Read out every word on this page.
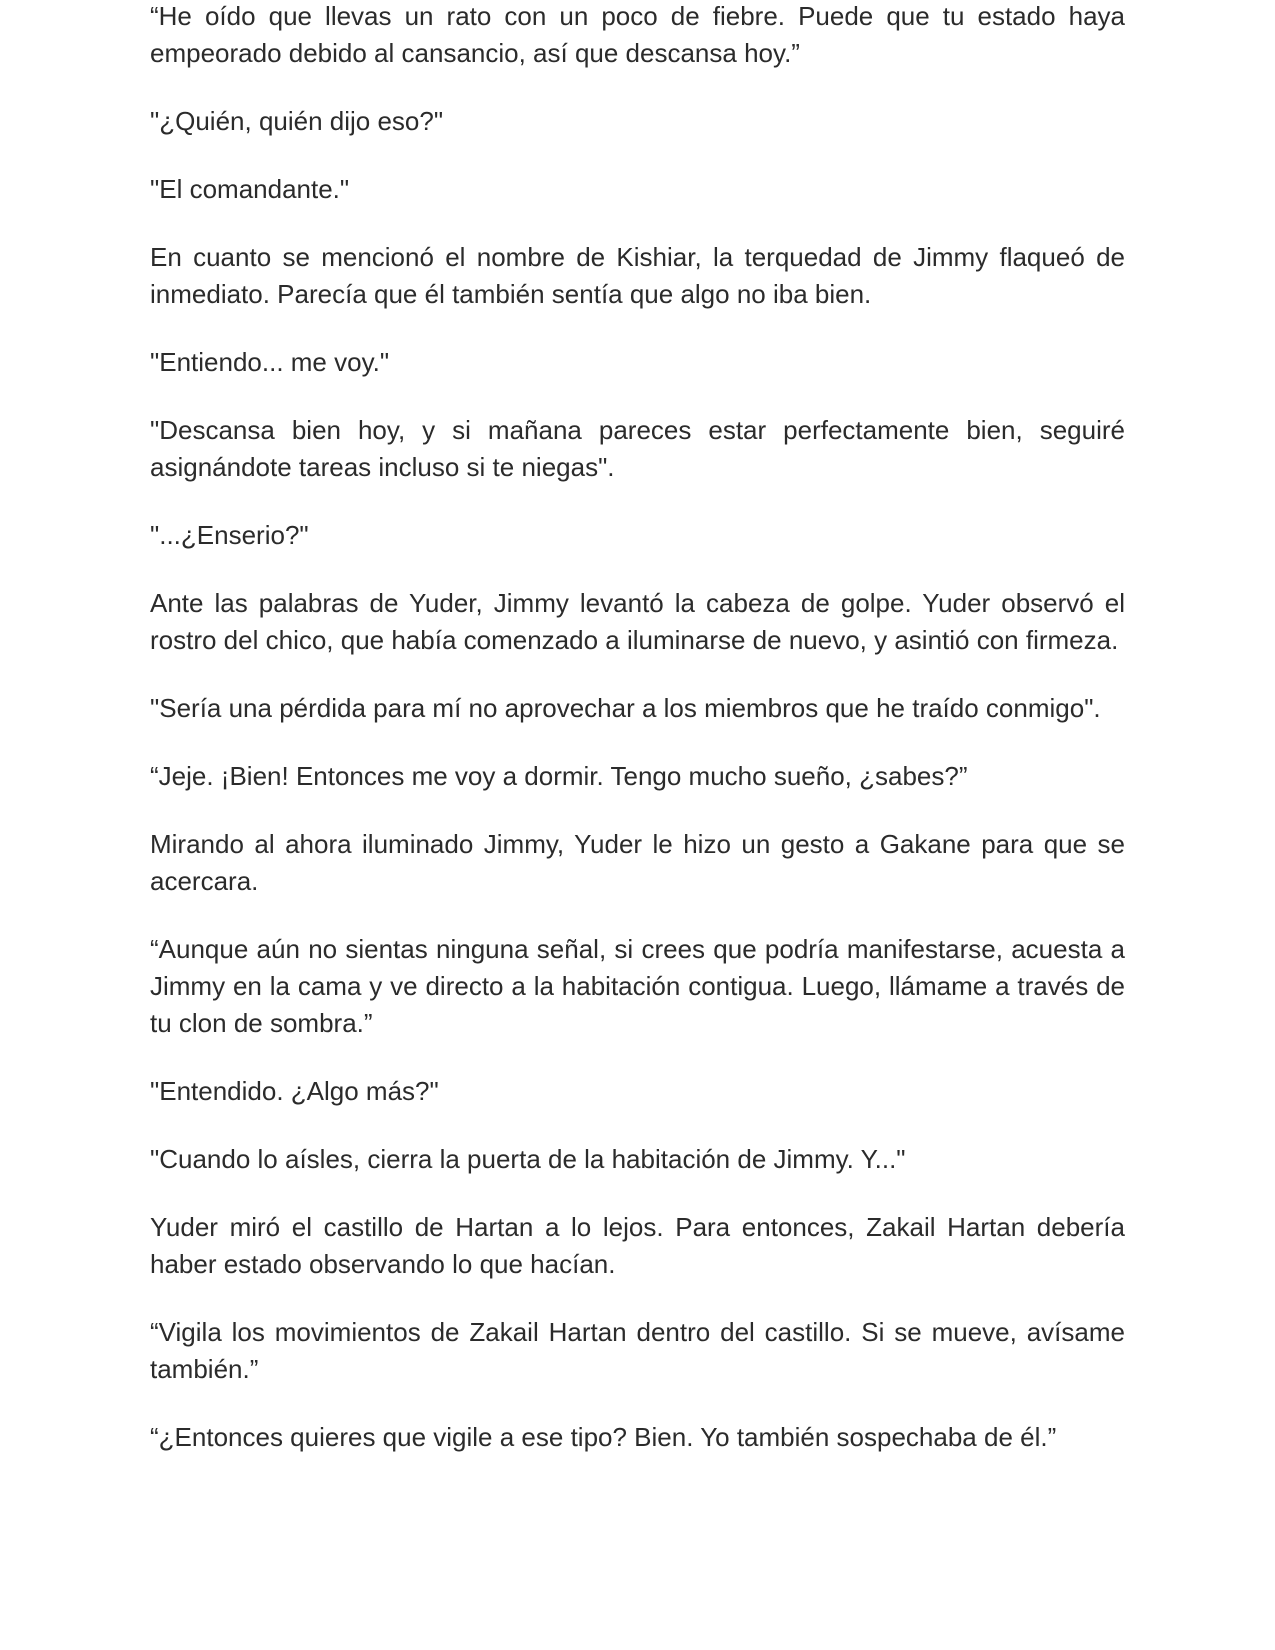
“He oído que llevas un rato con un poco de fiebre. Puede que tu estado haya empeorado debido al cansancio, así que descansa hoy.”

"¿Quién, quién dijo eso?"

"El comandante."

En cuanto se mencionó el nombre de Kishiar, la terquedad de Jimmy flaqueó de inmediato. Parecía que él también sentía que algo no iba bien.

"Entiendo... me voy."

"Descansa bien hoy, y si mañana pareces estar perfectamente bien, seguiré asignándote tareas incluso si te niegas".

"...¿Enserio?"

Ante las palabras de Yuder, Jimmy levantó la cabeza de golpe. Yuder observó el rostro del chico, que había comenzado a iluminarse de nuevo, y asintió con firmeza.

"Sería una pérdida para mí no aprovechar a los miembros que he traído conmigo".

“Jeje. ¡Bien! Entonces me voy a dormir. Tengo mucho sueño, ¿sabes?”

Mirando al ahora iluminado Jimmy, Yuder le hizo un gesto a Gakane para que se acercara.

“Aunque aún no sientas ninguna señal, si crees que podría manifestarse, acuesta a Jimmy en la cama y ve directo a la habitación contigua. Luego, llámame a través de tu clon de sombra.”

"Entendido. ¿Algo más?"

"Cuando lo aísles, cierra la puerta de la habitación de Jimmy. Y..."

Yuder miró el castillo de Hartan a lo lejos. Para entonces, Zakail Hartan debería haber estado observando lo que hacían.

“Vigila los movimientos de Zakail Hartan dentro del castillo. Si se mueve, avísame también.”

“¿Entonces quieres que vigile a ese tipo? Bien. Yo también sospechaba de él.”
